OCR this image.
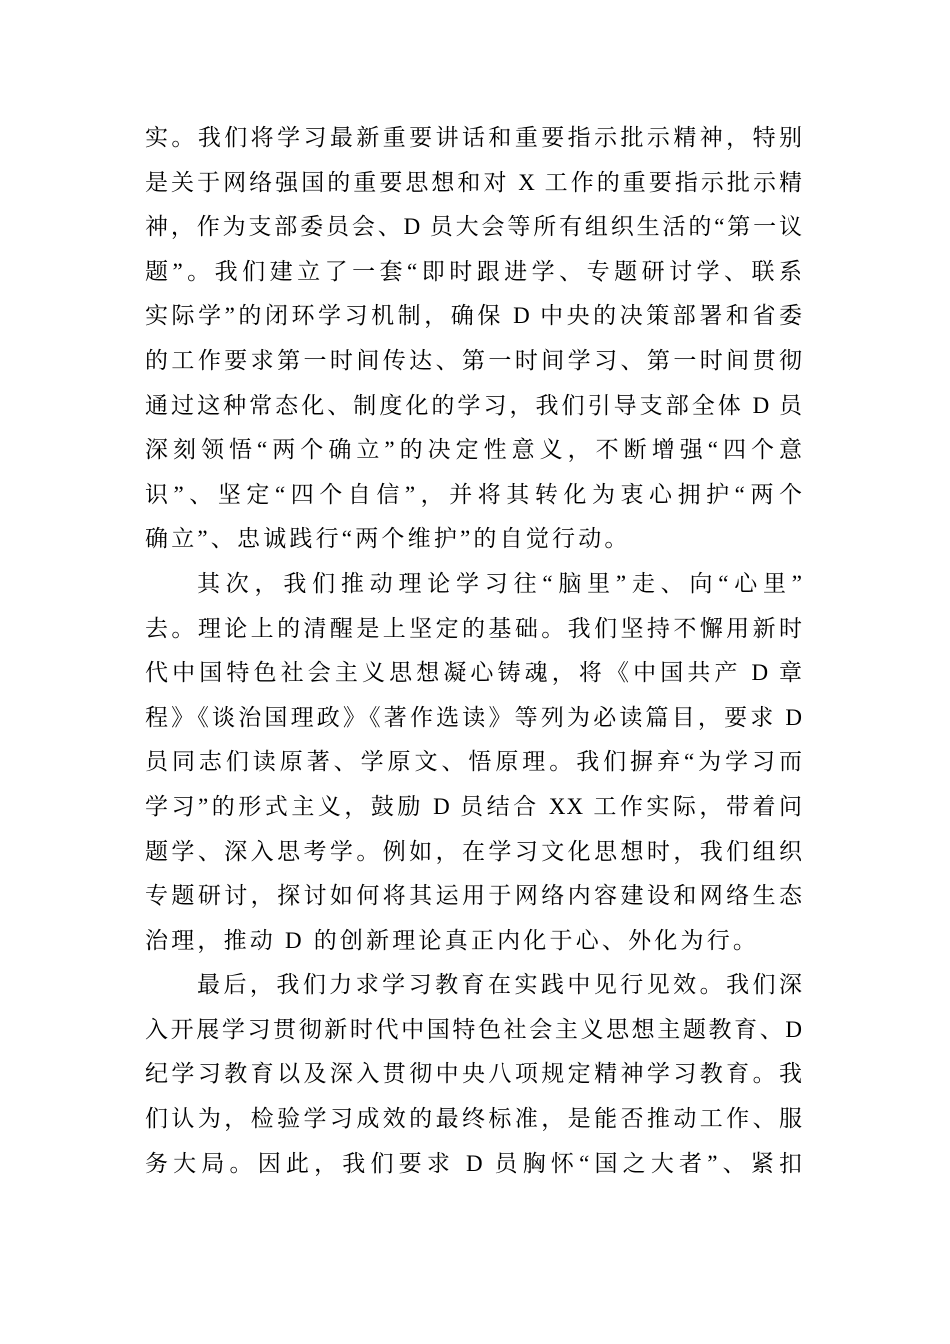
实。我们将学习最新重要讲话和重要指示批示精神，特别
是关于网络强国的重要思想和对 X 工作的重要指示批示精
神，作为支部委员会、D 员大会等所有组织生活的“第一议
题”。我们建立了一套“即时跟进学、专题研讨学、联系
实际学”的闭环学习机制，确保 D 中央的决策部署和省委
的工作要求第一时间传达、第一时间学习、第一时间贯彻
通过这种常态化、制度化的学习，我们引导支部全体 D 员
深刻领悟“两个确立”的决定性意义，不断增强“四个意
识”、坚定“四个自信”，并将其转化为衷心拥护“两个
确立”、忠诚践行“两个维护”的自觉行动。
其次，我们推动理论学习往“脑里”走、向“心里”
去。理论上的清醒是上坚定的基础。我们坚持不懈用新时
代中国特色社会主义思想凝心铸魂，将《中国共产 D 章
程》《谈治国理政》《著作选读》等列为必读篇目，要求 D
员同志们读原著、学原文、悟原理。我们摒弃“为学习而
学习”的形式主义，鼓励 D 员结合 XX 工作实际，带着问
题学、深入思考学。例如，在学习文化思想时，我们组织
专题研讨，探讨如何将其运用于网络内容建设和网络生态
治理，推动 D 的创新理论真正内化于心、外化为行。
最后，我们力求学习教育在实践中见行见效。我们深
入开展学习贯彻新时代中国特色社会主义思想主题教育、D
纪学习教育以及深入贯彻中央八项规定精神学习教育。我
们认为，检验学习成效的最终标准，是能否推动工作、服
务大局。因此，我们要求 D 员胸怀“国之大者”、紧扣
